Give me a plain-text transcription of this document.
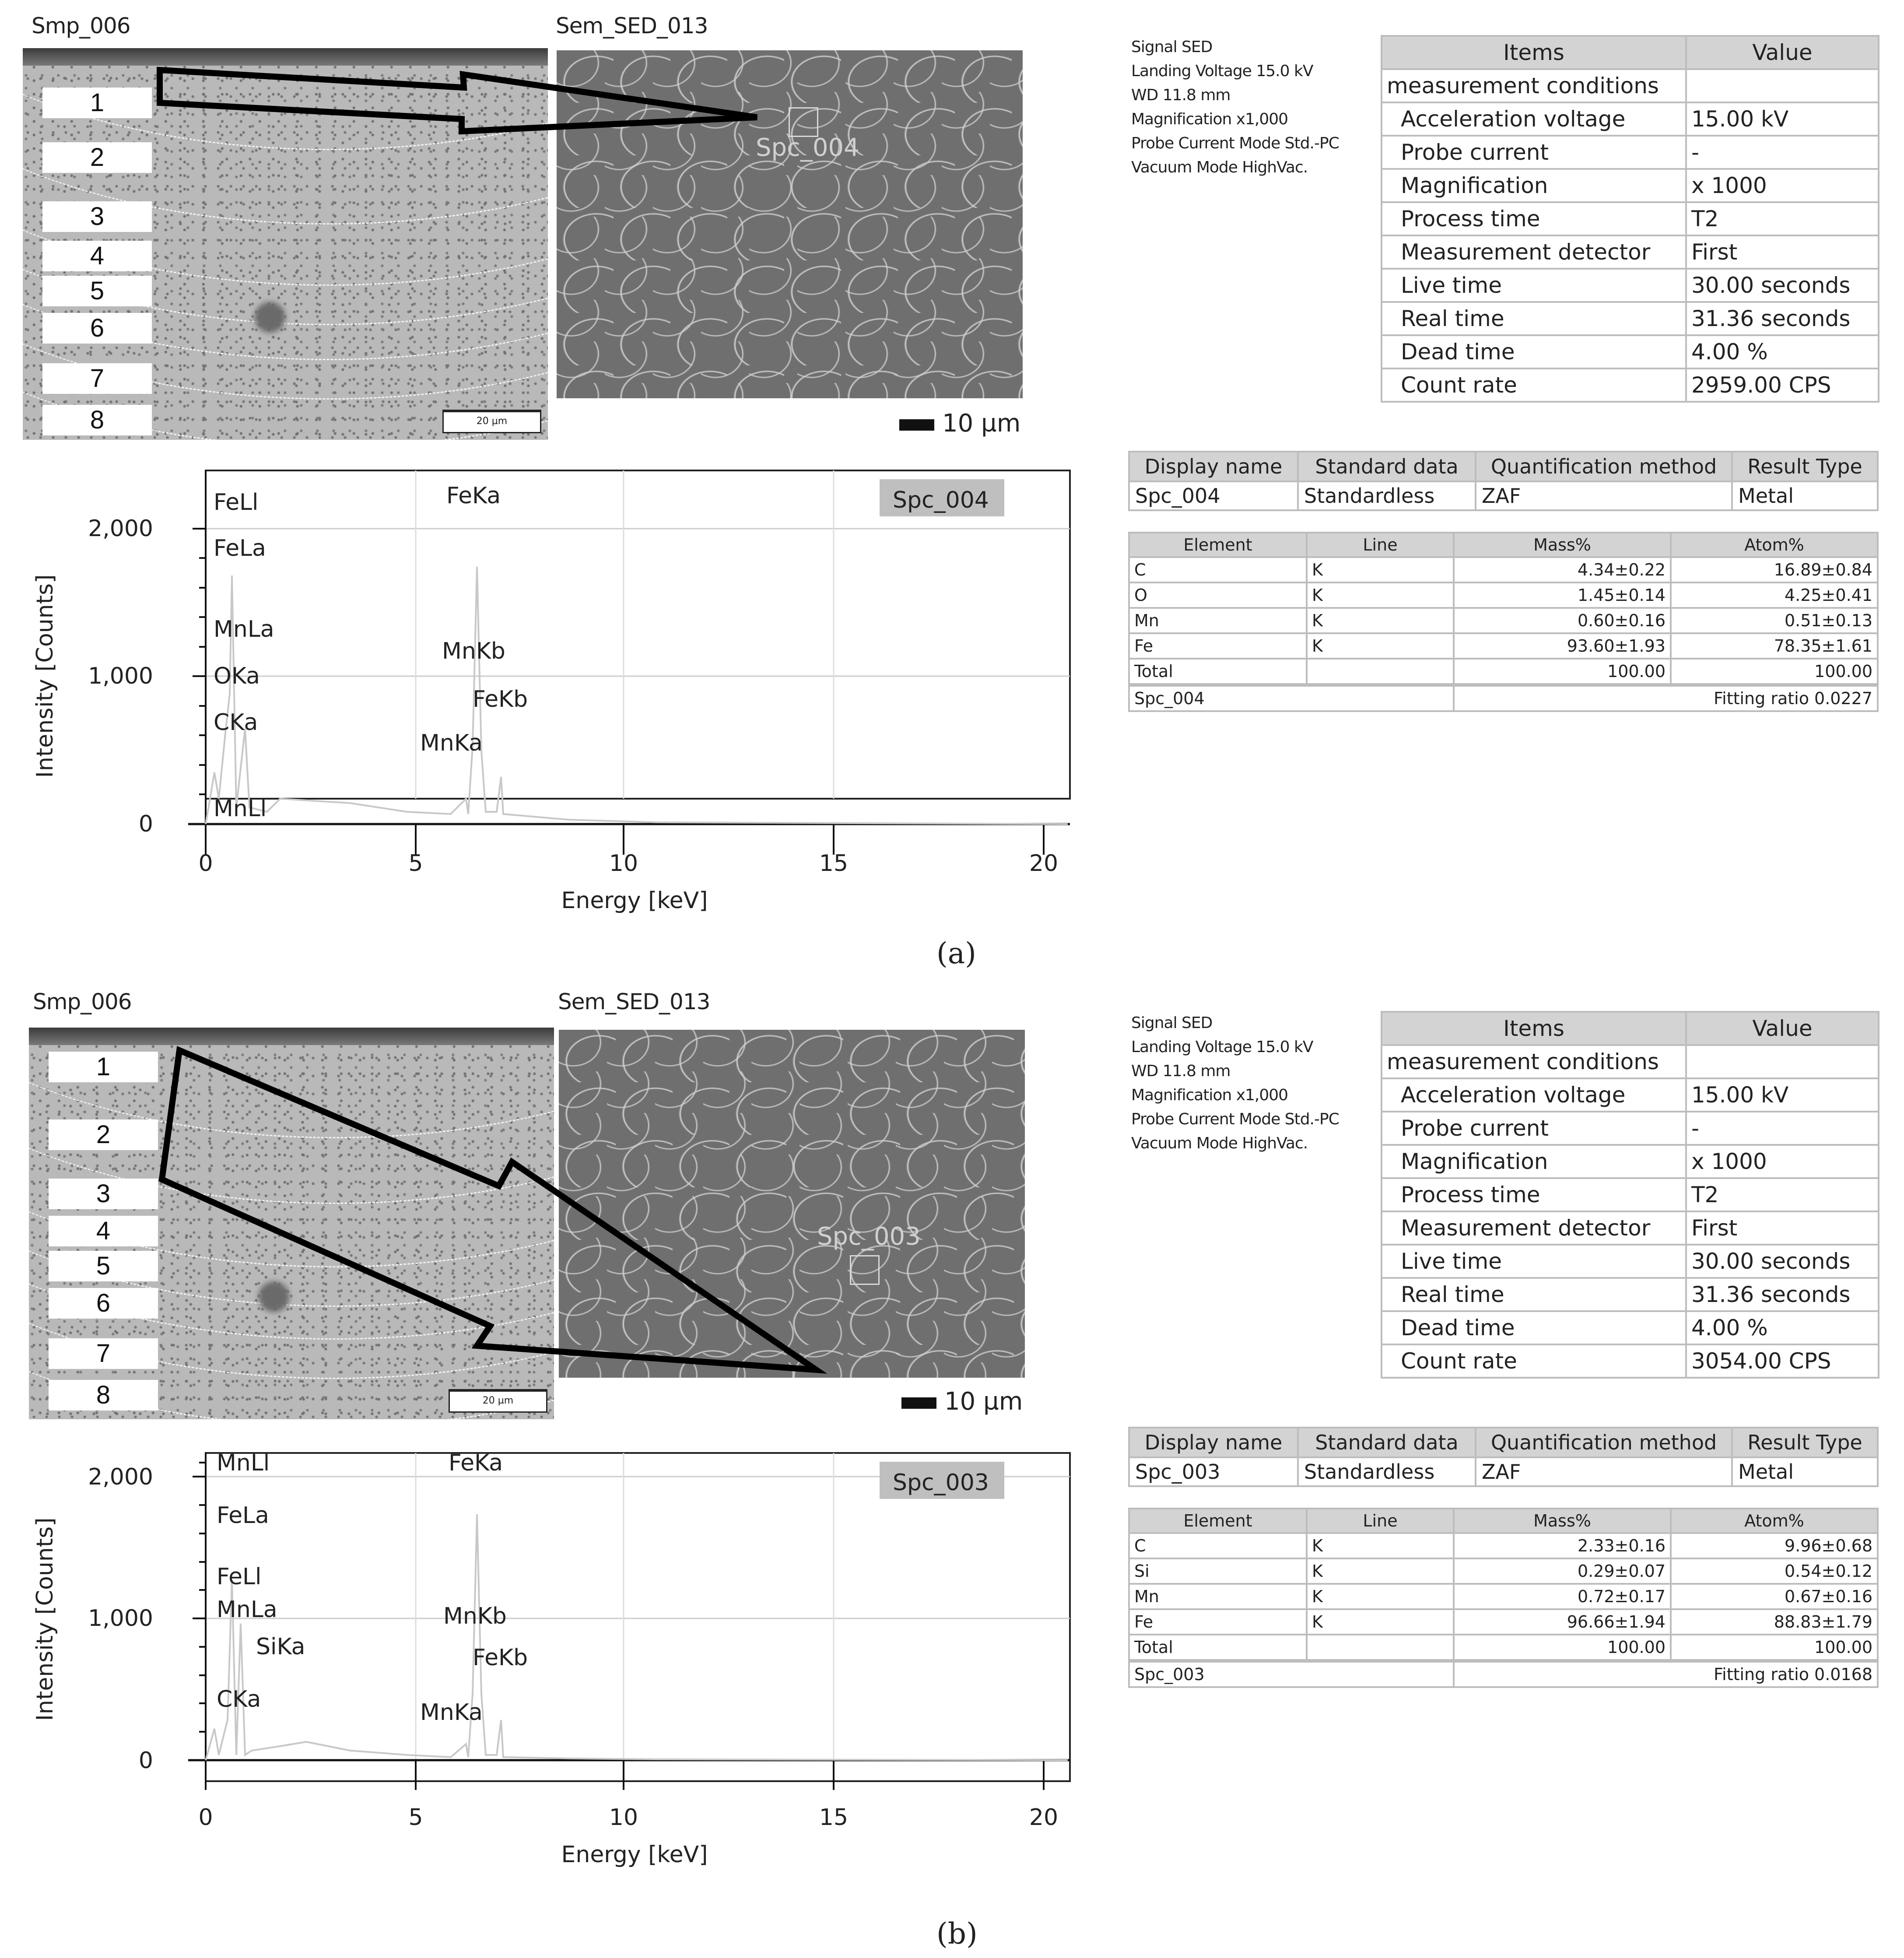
Smp_006	Sem_SED_013
1
2
3
4
5
6
7
8	20 µm
Spc_004
10 µm
FeLl
FeLa
MnLa
OKa
CKa
MnLl
FeKa
MnKb
FeKb
MnKa
Spc_004
2,000
1,000
0
0	5	10	15	20
Energy [keV]
Intensity [Counts]
Signal SED
Landing Voltage 15.0 kV
WD 11.8 mm
Magnification x1,000
Probe Current Mode Std.-PC
Vacuum Mode HighVac.
Items	Value
measurement conditions	
Acceleration voltage	15.00 kV
Probe current	-
Magnification	x 1000
Process time	T2
Measurement detector	First
Live time	30.00 seconds
Real time	31.36 seconds
Dead time	4.00 %
Count rate	2959.00 CPS
Display name	Standard data	Quantification method	Result Type
Spc_004	Standardless	ZAF	Metal
Element	Line	Mass%	Atom%
C	K	4.34±0.22	16.89±0.84
O	K	1.45±0.14	4.25±0.41
Mn	K	0.60±0.16	0.51±0.13
Fe	K	93.60±1.93	78.35±1.61
Total		100.00	100.00
Spc_004		Fitting ratio 0.0227	
(a)
Smp_006	Sem_SED_013
1
2
3
4
5
6
7
8	20 µm
Spc_003
10 µm
MnLl
FeLa
FeLl
MnLa
SiKa
CKa
FeKa
MnKb
FeKb
MnKa
Spc_003
2,000
1,000
0
0	5	10	15	20
Energy [keV]
Intensity [Counts]
Signal SED
Landing Voltage 15.0 kV
WD 11.8 mm
Magnification x1,000
Probe Current Mode Std.-PC
Vacuum Mode HighVac.
Items	Value
measurement conditions	
Acceleration voltage	15.00 kV
Probe current	-
Magnification	x 1000
Process time	T2
Measurement detector	First
Live time	30.00 seconds
Real time	31.36 seconds
Dead time	4.00 %
Count rate	3054.00 CPS
Display name	Standard data	Quantification method	Result Type
Spc_003	Standardless	ZAF	Metal
Element	Line	Mass%	Atom%
C	K	2.33±0.16	9.96±0.68
Si	K	0.29±0.07	0.54±0.12
Mn	K	0.72±0.17	0.67±0.16
Fe	K	96.66±1.94	88.83±1.79
Total		100.00	100.00
Spc_003		Fitting ratio 0.0168	
(b)
